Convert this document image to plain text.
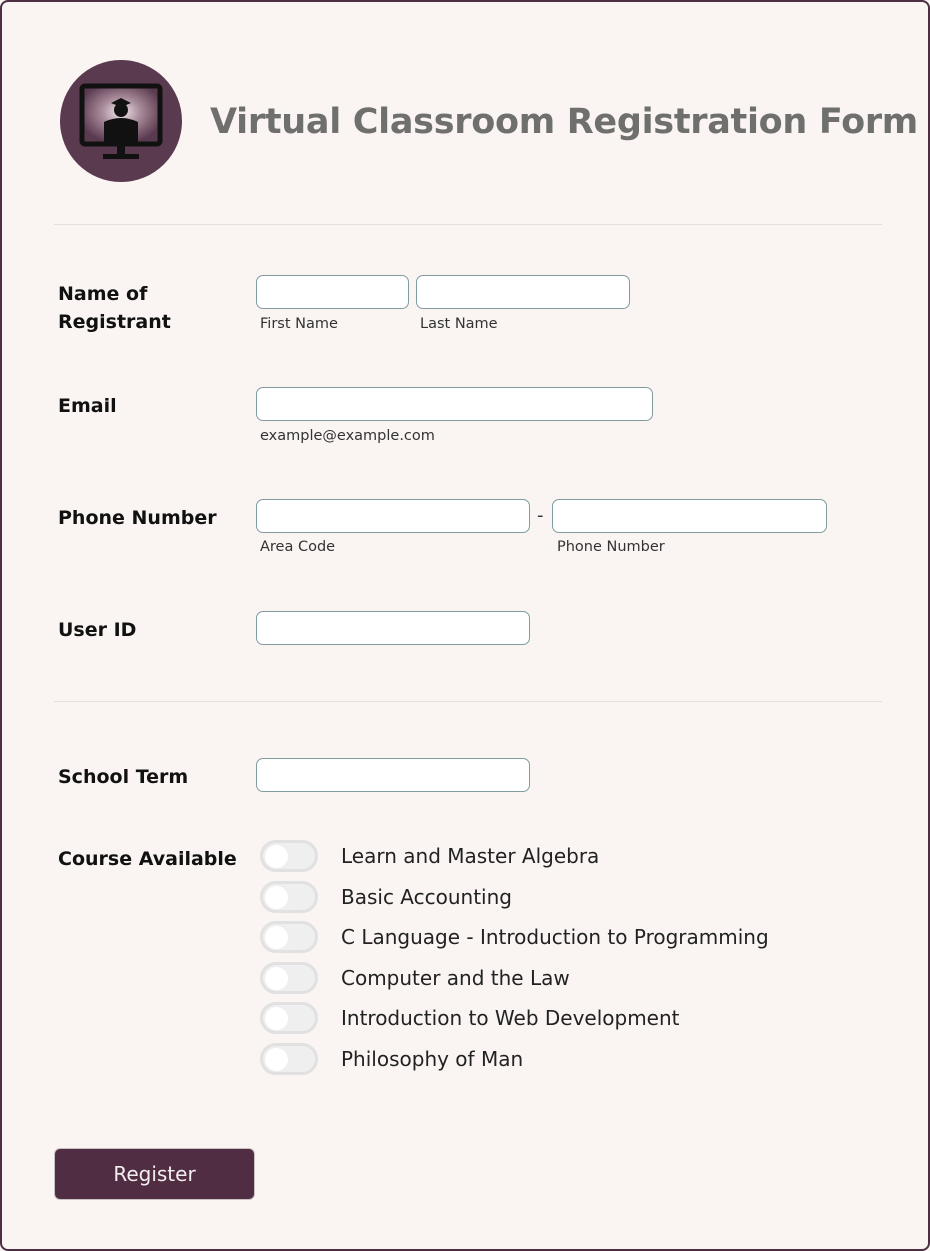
Virtual Classroom Registration Form
Name of
Registrant	First Name	Last Name
Email
example@example.com
Phone Number	-
Area Code	Phone Number
User ID
School Term
Course Available	Learn and Master Algebra
Basic Accounting
C Language - Introduction to Programming
Computer and the Law
Introduction to Web Development
Philosophy of Man
Register
